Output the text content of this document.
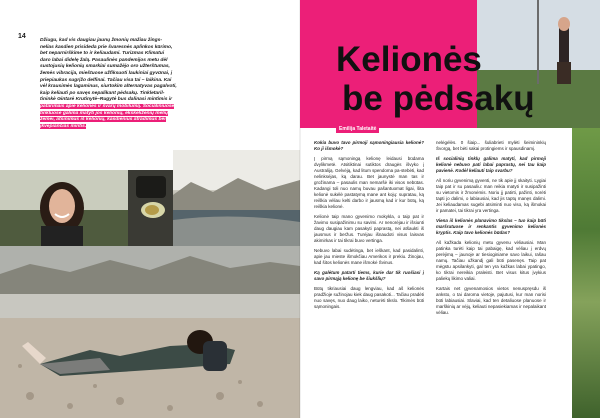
14

Džiugu, kad vis daugiau jaunų žmonių mažiau žings-
nelias kasdien prisideda prie švaresnės aplinkos kūrimo,
bet neparnirškime to ir keliaudami. Turizmas Klimatui
daro labai didelę žalą. Pasaulinės pandemijos metu dėl
sustojusių kelionių smarkiai sumažėjo oro užterštumas,
žemės vibracija, mieštuose užfiksuoti laukiniai gyvūnai, į
priepiaukas sugrįžo delfinai. Tačiau visa tai – laikina. Kai
vėl krausimės lagaminus, siurtokim alternatyvas pagalvoti,
kaip keliauti po savęs nepalikant pėdsakų. Tinkletaril-
tininkė Gintarė Krutinytė–Rugytė bus dalinasi mintimis ir
patarimais apie keliones ir švarų mobilumą. Socialiniuose
tinkluose galima matyti jos kelionių, ekskeliženių mėlių
žemei, atsinimus iš kelionių, kasdienius atradimus bei
įkvepiančias mintis.

Kelionės
be pėdsakų
Emilija Taletaitė

Kokia buvo tavo pirmoji sąmoningiausia kelionė? Ko ji išmokė?

Į pirmą sąmoningą kelionę leidausi būdama dvylikmetė. Atsitiktinai sutiktos draugės išvyko į Australiją. Gelvėją, kad litum spendoma pa-stebėti, kad nelinksėjas, ką darau. Bet jaunystė man tas ir grožinama – pasaulis man nemaršė iki visos nebūtas. Kadangi toli nuo namų buvau pašantuomat ligai, šita kelionė sukėlė pastatymą mane ant kojų: supratau, ką reiškia vėliau kelti darbo ir jausmą kad ir kur būtų, ką reiškia kelionė.

Kelionė taip mano gyvenimo mokykla, o taip pat ir žavimo susipažinimu su savimi. Ar nenorėjau ir išsiunti daug daugiau kam pasakyti paprastą, nei atšaukti iš jausmus ir beržus. Turėjau išnaudoti visus laisvas akimirkas ir tai tikrai buvo vertinga.

Nebuvo labai sudėtinga, bet ieškant, kad pasidalinti, apie jau mieste išmokčiau Amerikos ir prekiu. Žinojau, kad šitos kelionės mane išmokė Švinus.

Ką galėtum patarti tiems, kurie dar tik ruošiasi į savo pirmąją kelionę be šiukšlių?

Būtų tikriausiai daug lengviau, kad aš kelionės pradžioje sužinojau kiek daug pasakoti... Tačiau pradėti nuo savęs, nuo daug laiko, neturėti tikslo. Tikimės būti sąmoningais.

nelėgėlės. 0 šiaip... šuliabrieti mylėti šeimininkių Švorgą, bet bėti sakai protingiems ir spausdinamį.

Iš socialinių tinklų galima matyti, kad pirmoji kelionė nebuvo pati labai paprastų, nei tau kaip pavienė. Kodėl keliauti taip svarbu?

Aš noriu gyvenimą gyventi, ne tik apie jį skaityti. Lygiai taip pat ir su pasauliu: man reikia matyti ir susipažinti su vietomis ir žmonėmis. Noriu jį patirti, pažinti, norėti tapti jo dalimi, o labiausiai, kad jis taptų manęs dalimi. Jei keliaudamas sugebi atsiminti nuo viso, ką išmokai ir pamatei, tai tikrai yra vertinga.

Viena iš kelionės planavimo tikslas – tuo kaip būti maršrutuose ir renkantis gyvenimo kelionės kryptis. Kaip tavo kelionės būdas?

Aš kažkada kelionių metu gyvenu vėliausiai. Man patinka turėti kaip tai pabaigę, kad vėliau į erdvų perėjimą – jaunoje ar tiesioginiame savo laikui, rašau namų. Tačiau užkandį gali būti pasenęs. Taip pat mėgstu apsilankyti, gal ten yra kažkas labai ypatingo, ko tikrai nereikia praleisti. Bet visus kitus įvykius paliekų likimo valiai.

Kartais net gyvenamosios vietos nenuspręsdu iš anksto, o tai daroma vietoje, pajutusi, kur man norisi būti labiausiai. Slaviai, kad ten detaliuose planuose ir marškinių ar vėjų, keliauti nepasiekiamas ir nepalaikant vėliau.
